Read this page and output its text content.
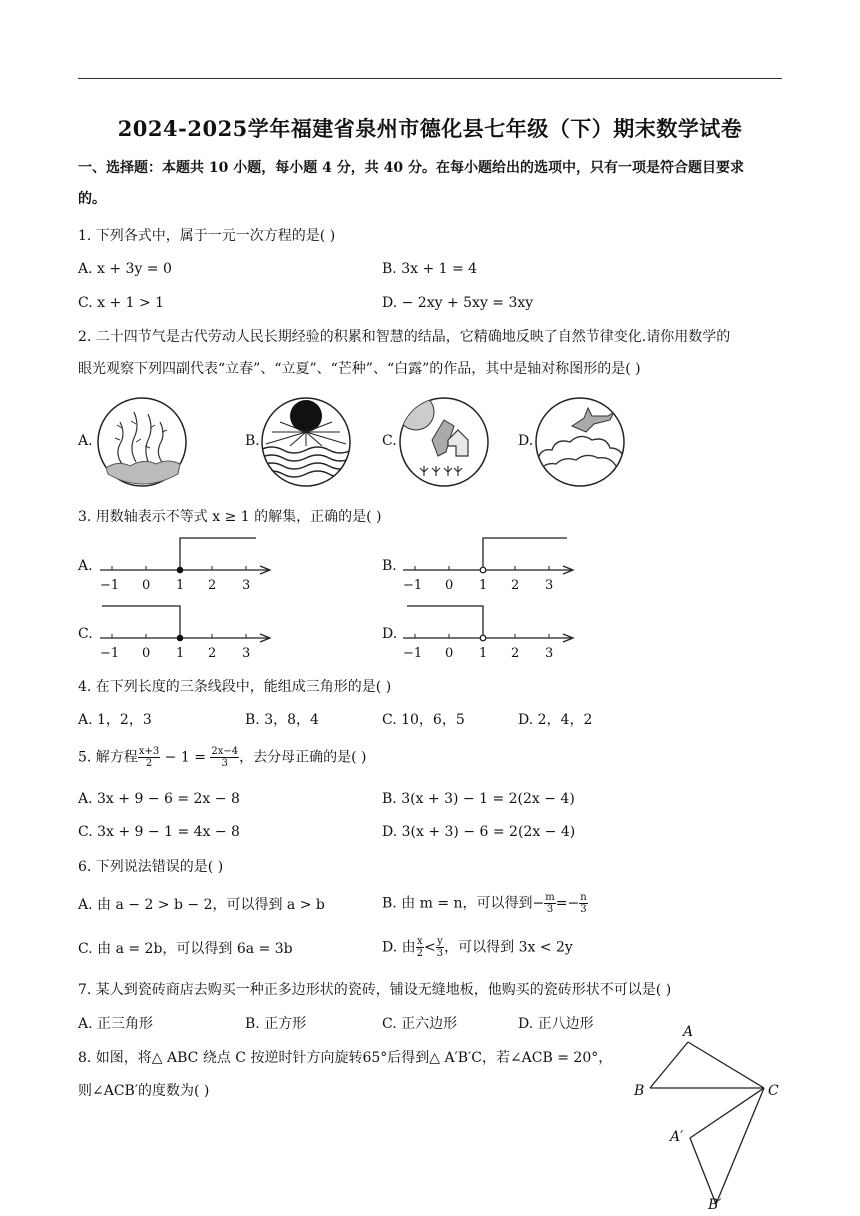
2024-2025学年福建省泉州市德化县七年级（下）期末数学试卷
一、选择题：本题共 10 小题，每小题 4 分，共 40 分。在每小题给出的选项中，只有一项是符合题目要求
的。
1. 下列各式中，属于一元一次方程的是( )
A. x + 3y = 0	B. 3x + 1 = 4
C. x + 1 > 1	D. − 2xy + 5xy = 3xy
2. 二十四节气是古代劳动人民长期经验的积累和智慧的结晶，它精确地反映了自然节律变化.请你用数学的
眼光观察下列四副代表“立春”、“立夏”、“芒种”、“白露”的作品，其中是轴对称图形的是( )
A.	B.	C.	D.
3. 用数轴表示不等式 x ≥ 1 的解集，正确的是( )
A.
−1 0 1 2 3
B.
−1 0 1 2 3
C.
−1 0 1 2 3
D.
−1 0 1 2 3
4. 在下列长度的三条线段中，能组成三角形的是( )
A. 1，2，3	B. 3，8，4	C. 10，6，5	D. 2，4，2
5. 解方程 $\frac{x+3}{2} - 1 = \frac{2x-4}{3}$ ，去分母正确的是( )
A. 3x + 9 − 6 = 2x − 8	B. 3(x + 3) − 1 = 2(2x − 4)
C. 3x + 9 − 1 = 4x − 8	D. 3(x + 3) − 6 = 2(2x − 4)
6. 下列说法错误的是( )
A. 由 a − 2 > b − 2，可以得到 a > b	B. 由 m = n，可以得到− $\frac{m}{3} =- \frac{n}{3}$
C. 由 a = 2b，可以得到 6a = 3b	D. 由 $\frac{x}{2} < \frac{y}{3}$ ，可以得到 3x < 2y
7. 某人到瓷砖商店去购买一种正多边形状的瓷砖，铺设无缝地板，他购买的瓷砖形状不可以是( )
A. 正三角形	B. 正方形	C. 正六边形	D. 正八边形
8. 如图，将△ ABC 绕点 C 按逆时针方向旋转65°后得到△ A′B′C，若∠ACB = 20°，
则∠ACB′的度数为( )
A
B	C
A′
B′
